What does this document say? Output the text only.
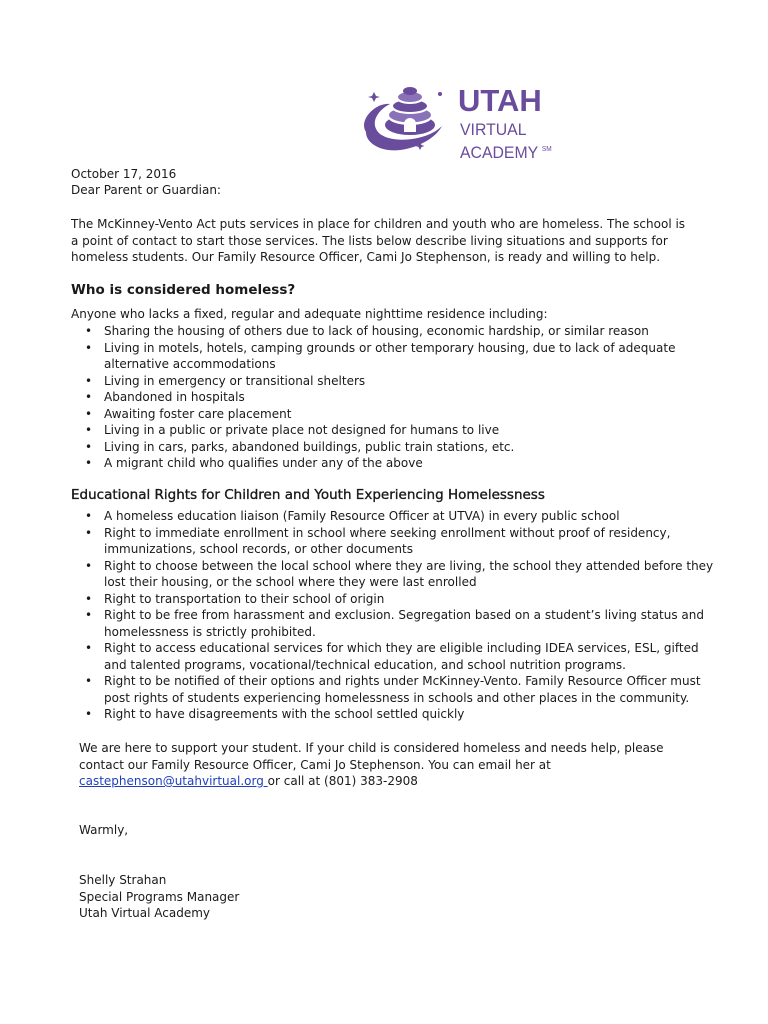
UTAH
VIRTUAL ACADEMY ℠
October 17, 2016
Dear Parent or Guardian:
The McKinney-Vento Act puts services in place for children and youth who are homeless. The school is
a point of contact to start those services. The lists below describe living situations and supports for
homeless students. Our Family Resource Officer, Cami Jo Stephenson, is ready and willing to help.
Who is considered homeless?
Anyone who lacks a fixed, regular and adequate nighttime residence including:
• Sharing the housing of others due to lack of housing, economic hardship, or similar reason
• Living in motels, hotels, camping grounds or other temporary housing, due to lack of adequate
alternative accommodations
• Living in emergency or transitional shelters
• Abandoned in hospitals
• Awaiting foster care placement
• Living in a public or private place not designed for humans to live
• Living in cars, parks, abandoned buildings, public train stations, etc.
• A migrant child who qualifies under any of the above
Educational Rights for Children and Youth Experiencing Homelessness
• A homeless education liaison (Family Resource Officer at UTVA) in every public school
• Right to immediate enrollment in school where seeking enrollment without proof of residency,
immunizations, school records, or other documents
• Right to choose between the local school where they are living, the school they attended before they
lost their housing, or the school where they were last enrolled
• Right to transportation to their school of origin
• Right to be free from harassment and exclusion. Segregation based on a student’s living status and
homelessness is strictly prohibited.
• Right to access educational services for which they are eligible including IDEA services, ESL, gifted
and talented programs, vocational/technical education, and school nutrition programs.
• Right to be notified of their options and rights under McKinney-Vento. Family Resource Officer must
post rights of students experiencing homelessness in schools and other places in the community.
• Right to have disagreements with the school settled quickly
We are here to support your student. If your child is considered homeless and needs help, please
contact our Family Resource Officer, Cami Jo Stephenson. You can email her at
castephenson@utahvirtual.org or call at (801) 383-2908
Warmly,
Shelly Strahan
Special Programs Manager
Utah Virtual Academy
